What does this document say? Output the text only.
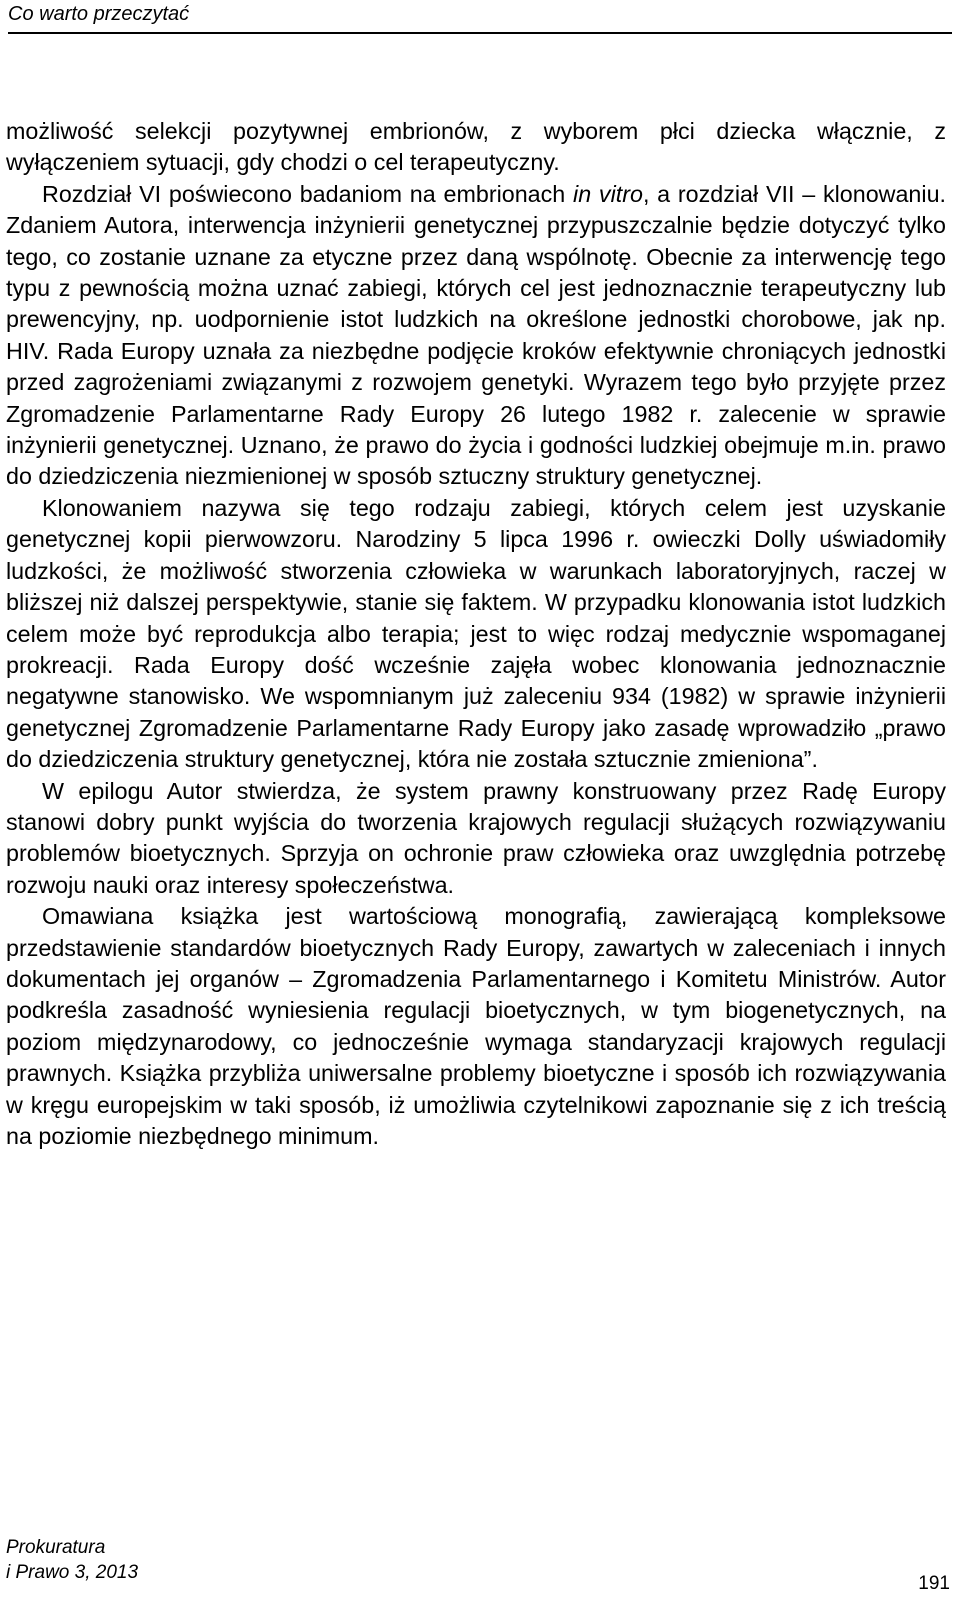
Co warto przeczytać

możliwość selekcji pozytywnej embrionów, z wyborem płci dziecka włącznie, z wyłączeniem sytuacji, gdy chodzi o cel terapeutyczny.

Rozdział VI poświecono badaniom na embrionach in vitro, a rozdział VII – klonowaniu. Zdaniem Autora, interwencja inżynierii genetycznej przypuszczalnie będzie dotyczyć tylko tego, co zostanie uznane za etyczne przez daną wspólnotę. Obecnie za interwencję tego typu z pewnością można uznać zabiegi, których cel jest jednoznacznie terapeutyczny lub prewencyjny, np. uodpornienie istot ludzkich na określone jednostki chorobowe, jak np. HIV. Rada Europy uznała za niezbędne podjęcie kroków efektywnie chroniących jednostki przed zagrożeniami związanymi z rozwojem genetyki. Wyrazem tego było przyjęte przez Zgromadzenie Parlamentarne Rady Europy 26 lutego 1982 r. zalecenie w sprawie inżynierii genetycznej. Uznano, że prawo do życia i godności ludzkiej obejmuje m.in. prawo do dziedziczenia niezmienionej w sposób sztuczny struktury genetycznej.

Klonowaniem nazywa się tego rodzaju zabiegi, których celem jest uzyskanie genetycznej kopii pierwowzoru. Narodziny 5 lipca 1996 r. owieczki Dolly uświadomiły ludzkości, że możliwość stworzenia człowieka w warunkach laboratoryjnych, raczej w bliższej niż dalszej perspektywie, stanie się faktem. W przypadku klonowania istot ludzkich celem może być reprodukcja albo terapia; jest to więc rodzaj medycznie wspomaganej prokreacji. Rada Europy dość wcześnie zajęła wobec klonowania jednoznacznie negatywne stanowisko. We wspomnianym już zaleceniu 934 (1982) w sprawie inżynierii genetycznej Zgromadzenie Parlamentarne Rady Europy jako zasadę wprowadziło „prawo do dziedziczenia struktury genetycznej, która nie została sztucznie zmieniona”.

W epilogu Autor stwierdza, że system prawny konstruowany przez Radę Europy stanowi dobry punkt wyjścia do tworzenia krajowych regulacji służących rozwiązywaniu problemów bioetycznych. Sprzyja on ochronie praw człowieka oraz uwzględnia potrzebę rozwoju nauki oraz interesy społeczeństwa.

Omawiana książka jest wartościową monografią, zawierającą kompleksowe przedstawienie standardów bioetycznych Rady Europy, zawartych w zaleceniach i innych dokumentach jej organów – Zgromadzenia Parlamentarnego i Komitetu Ministrów. Autor podkreśla zasadność wyniesienia regulacji bioetycznych, w tym biogenetycznych, na poziom międzynarodowy, co jednocześnie wymaga standaryzacji krajowych regulacji prawnych. Książka przybliża uniwersalne problemy bioetyczne i sposób ich rozwiązywania w kręgu europejskim w taki sposób, iż umożliwia czytelnikowi zapoznanie się z ich treścią na poziomie niezbędnego minimum.

Prokuratura
i Prawo 3, 2013
191
